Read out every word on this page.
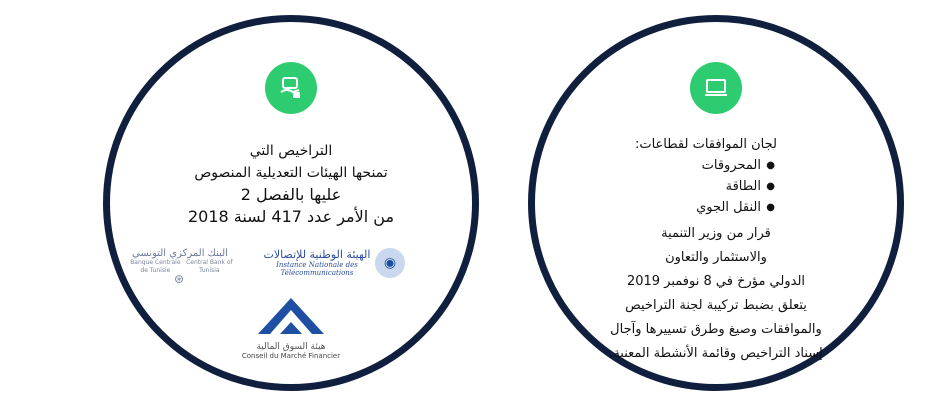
التراخيص التي
تمنحها الهيئات التعديلية المنصوص
عليها بالفصل 2
من الأمر عدد 417 لسنة 2018
البنك المركزي التونسي
Banque Centrale de Tunisie
Central Bank of Tunisia
⊛
الهيئة الوطنية للإتصالات
Instance Nationale des Télécommunications
◉
هيئة السوق المالية
Conseil du Marché Financier
لجان الموافقات لقطاعات:
● المحروقات
● الطاقة
● النقل الجوي
قرار من وزير التنمية
والاستثمار والتعاون
الدولي مؤرخ في 8 نوفمبر 2019
يتعلق بضبط تركيبة لجنة التراخيص
والموافقات وصيغ وطرق تسييرها وآجال
إسناد التراخيص وقائمة الأنشطة المعنية.
